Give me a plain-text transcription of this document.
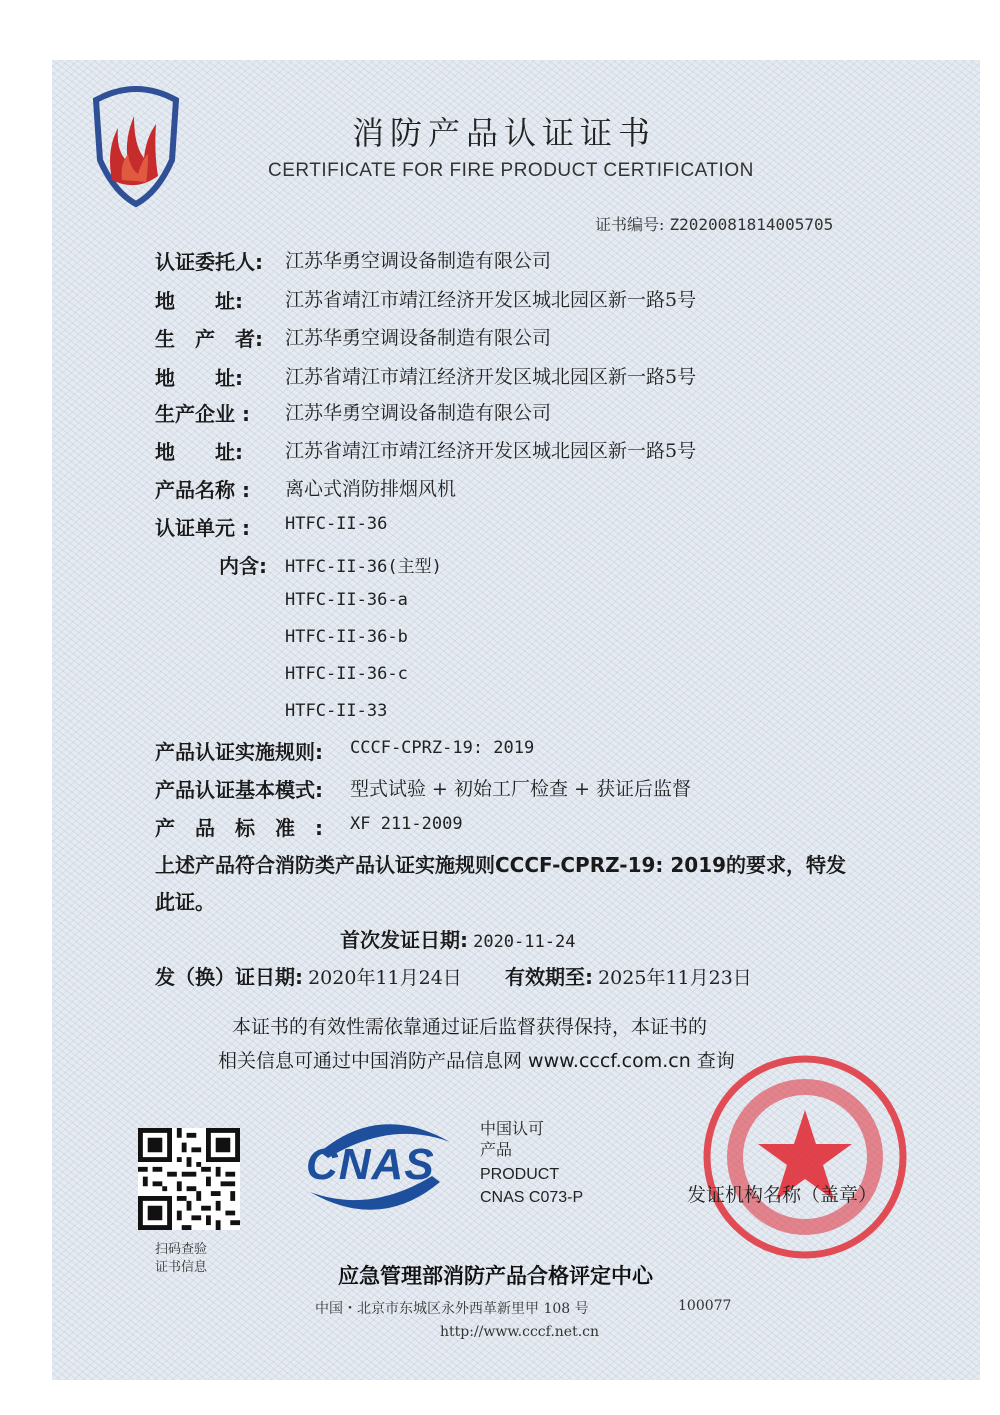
消防产品认证证书
CERTIFICATE FOR FIRE PRODUCT CERTIFICATION
证书编号: Z2020081814005705
认证委托人: 江苏华勇空调设备制造有限公司
地　　址: 江苏省靖江市靖江经济开发区城北园区新一路5号
生　产　者: 江苏华勇空调设备制造有限公司
地　　址: 江苏省靖江市靖江经济开发区城北园区新一路5号
生产企业 : 江苏华勇空调设备制造有限公司
地　　址: 江苏省靖江市靖江经济开发区城北园区新一路5号
产品名称 : 离心式消防排烟风机
认证单元 : HTFC-II-36
内含: HTFC-II-36(主型)
HTFC-II-36-a
HTFC-II-36-b
HTFC-II-36-c
HTFC-II-33
产品认证实施规则: CCCF-CPRZ-19: 2019
产品认证基本模式: 型式试验 + 初始工厂检查 + 获证后监督
产　品　标　准　: XF 211-2009
上述产品符合消防类产品认证实施规则CCCF-CPRZ-19: 2019的要求，特发
此证。
首次发证日期: 2020-11-24
发（换）证日期: 2020年11月24日 有效期至: 2025年11月23日
本证书的有效性需依靠通过证后监督获得保持，本证书的
相关信息可通过中国消防产品信息网 www.cccf.com.cn 查询
扫码查验
证书信息
CNAS
中国认可
产品
PRODUCT
CNAS C073-P	发证机构名称（盖章）
应急管理部消防产品合格评定中心
中国・北京市东城区永外西革新里甲 108 号	100077
http://www.cccf.net.cn
